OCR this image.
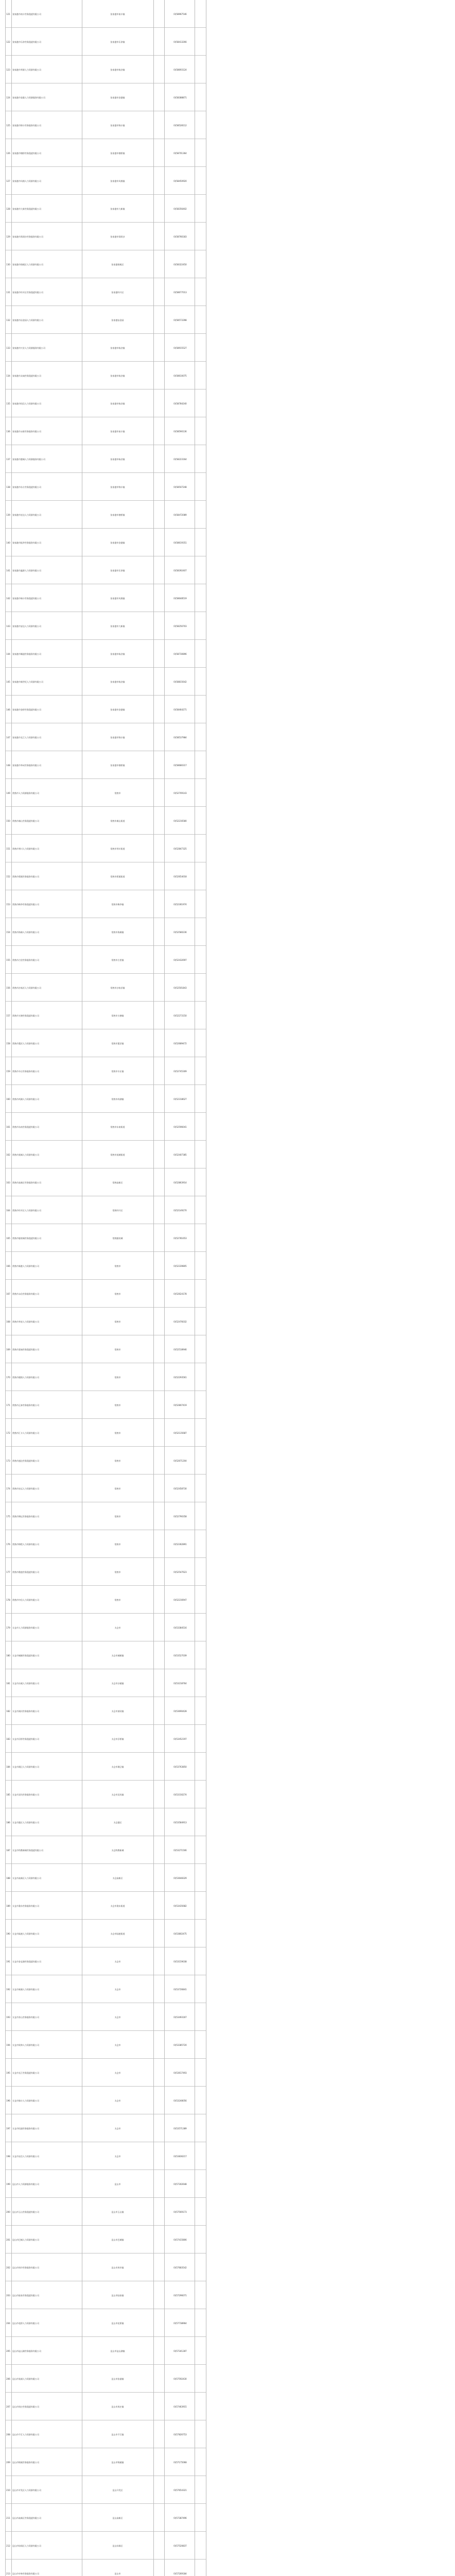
121	张家港市南丰劳务派遣有限公司	张家港市南丰镇	（0)58967546
122	张家港市乐余劳务派遣有限公司	张家港市乐余镇	（0)58413266
123	张家港市华源人力资源有限公司	张家港市杨舍镇	（0)58693124
124	张家港市金港人力资源服务有限公司	张家港市金港镇	（0)58388871
125	张家港市锦丰劳务服务有限公司	张家港市锦丰镇	（0)58528112
126	张家港市塘桥劳务派遣有限公司	张家港市塘桥镇	（0)58701364
127	张家港市凤凰人力资源有限公司	张家港市凤凰镇	（0)58450920
128	张家港市大新劳务派遣有限公司	张家港市大新镇	（0)58356402
129	张家港市常阴沙劳务服务有限公司	张家港市常阴沙	（0)58766183
130	张家港市保税区人力资源有限公司	张家港保税区	（0)58322450
131	张家港市经开区劳务派遣有限公司	张家港经开区	（0)58677013
132	张家港市冶金园人力资源有限公司	张家港冶金园	（0)58573398
133	张家港市兴业人力资源服务有限公司	张家港市杨舍镇	（0)58915527
134	张家港市众诚劳务派遣有限公司	张家港市杨舍镇	（0)58610075
135	张家港市恒信人力资源有限公司	张家港市杨舍镇	（0)58784240
136	张家港市永联劳务服务有限公司	张家港市南丰镇	（0)58590136
137	张家港市港城人力资源服务有限公司	张家港市杨舍镇	（0)58223164
138	张家港市东方劳务派遣有限公司	张家港市锦丰镇	（0)58507248
139	张家港市宏达人力资源有限公司	张家港市塘桥镇	（0)58472089
140	张家港市振华劳务服务有限公司	张家港市金港镇	（0)58619351
141	张家港市鑫源人力资源有限公司	张家港市乐余镇	（0)58392407
142	张家港市瑞丰劳务派遣有限公司	张家港市凤凰镇	（0)58648519
143	张家港市安达人力资源有限公司	张家港市大新镇	（0)58256703
144	张家港市顺通劳务服务有限公司	张家港市杨舍镇	（0)58730896
145	张家港市新世纪人力资源有限公司	张家港市杨舍镇	（0)58815642
146	张家港市金桥劳务派遣有限公司	张家港市金港镇	（0)58464271
147	张家港市长江人力资源有限公司	张家港市锦丰镇	（0)58537984
148	张家港市华成劳务服务有限公司	张家港市塘桥镇	（0)58680317
149	常熟市人力资源服务有限公司	常熟市	（0)52709143
150	常熟市虞山劳务派遣有限公司	常熟市虞山街道	（0)52216580
151	常熟市琴川人力资源有限公司	常熟市琴川街道	（0)52847325
152	常熟市碧溪劳务服务有限公司	常熟市碧溪街道	（0)52654018
153	常熟市梅李劳务派遣有限公司	常熟市梅李镇	（0)52361974
154	常熟市海虞人力资源有限公司	常熟市海虞镇	（0)52580236
155	常熟市古里劳务服务有限公司	常熟市古里镇	（0)52432697
156	常熟市沙家浜人力资源有限公司	常熟市沙家浜镇	（0)52501843
157	常熟市支塘劳务派遣有限公司	常熟市支塘镇	（0)52273150
158	常熟市董浜人力资源有限公司	常熟市董浜镇	（0)52689472
159	常熟市辛庄劳务服务有限公司	常熟市辛庄镇	（0)52745309
160	常熟市尚湖人力资源有限公司	常熟市尚湖镇	（0)52318627
161	常熟市东南劳务派遣有限公司	常熟市东南街道	（0)52596041
162	常熟市莫城人力资源有限公司	常熟市莫城街道	（0)52407385
163	常熟市高新区劳务服务有限公司	常熟高新区	（0)52863914
164	常熟市经开区人力资源有限公司	常熟经开区	（0)52149270
165	常熟市服装城劳务派遣有限公司	常熟服装城	（0)52781653
166	常熟市新港人力资源有限公司	常熟市	（0)52339805
167	常熟市永信劳务服务有限公司	常熟市	（0)52624178
168	常熟市华星人力资源有限公司	常熟市	（0)52476032
169	常熟市嘉诚劳务派遣有限公司	常熟市	（0)52518946
170	常熟市德润人力资源有限公司	常熟市	（0)52293561
171	常熟市正泰劳务服务有限公司	常熟市	（0)52807419
172	常熟市汇丰人力资源有限公司	常熟市	（0)52135687
173	常熟市盛达劳务派遣有限公司	常熟市	（0)52671204
174	常熟市宏远人力资源有限公司	常熟市	（0)52458730
175	常熟市博远劳务服务有限公司	常熟市	（0)52790358
176	常熟市锦程人力资源有限公司	常熟市	（0)52362891
177	常熟市鼎盛劳务派遣有限公司	常熟市	（0)52547623
178	常熟市中信人力资源有限公司	常熟市	（0)52216947
179	太仓市人力资源服务有限公司	太仓市	（0)53384516
180	太仓市城厢劳务派遣有限公司	太仓市城厢镇	（0)53527039
181	太仓市沙溪人力资源有限公司	太仓市沙溪镇	（0)53218764
182	太仓市浏河劳务服务有限公司	太仓市浏河镇	（0)53690428
183	太仓市浮桥劳务派遣有限公司	太仓市浮桥镇	（0)53452197
184	太仓市璜泾人力资源有限公司	太仓市璜泾镇	（0)53763850
185	太仓市双凤劳务服务有限公司	太仓市双凤镇	（0)53316274
186	太仓市港区人力资源有限公司	太仓港区	（0)53584913
187	太仓市科教新城劳务派遣有限公司	太仓科教新城	（0)53271506
188	太仓市高新区人力资源有限公司	太仓高新区	（0)53648329
189	太仓市娄东劳务服务有限公司	太仓市娄东街道	（0)53435682
190	太仓市陆渡人力资源有限公司	太仓市陆渡街道	（0)53802475
191	太仓市金仓湖劳务派遣有限公司	太仓市	（0)53159038
192	太仓市新湖人力资源有限公司	太仓市	（0)53726841
193	太仓市弇山劳务服务有限公司	太仓市	（0)53493167
194	太仓市致和人力资源有限公司	太仓市	（0)53385720
195	太仓市长江劳务派遣有限公司	太仓市	（0)53617493
196	太仓市瑞丰人力资源有限公司	太仓市	（0)53248056
197	太仓市恒通劳务服务有限公司	太仓市	（0)53571389
198	太仓市宏信人力资源有限公司	太仓市	（0)53836217
199	昆山市人力资源服务有限公司	昆山市	（0)57302648
200	昆山市玉山劳务派遣有限公司	昆山市玉山镇	（0)57569173
201	昆山市巴城人力资源有限公司	昆山市巴城镇	（0)57415806
202	昆山市周市劳务服务有限公司	昆山市周市镇	（0)57683542
203	昆山市陆家劳务派遣有限公司	昆山市陆家镇	（0)57296071
204	昆山市花桥人力资源有限公司	昆山市花桥镇	（0)57738964
205	昆山市淀山湖劳务服务有限公司	昆山市淀山湖镇	（0)57341287
206	昆山市张浦人力资源有限公司	昆山市张浦镇	（0)57592430
207	昆山市周庄劳务派遣有限公司	昆山市周庄镇	（0)57463915
208	昆山市千灯人力资源有限公司	昆山市千灯镇	（0)57826753
209	昆山市锦溪劳务服务有限公司	昆山市锦溪镇	（0)57175068
210	昆山市开发区人力资源有限公司	昆山开发区	（0)57654321
211	昆山市高新区劳务派遣有限公司	昆山高新区	（0)57387496
212	昆山市综保区人力资源有限公司	昆山综保区	（0)57520837
213	昆山市亭林劳务服务有限公司	昆山市	（0)57269184
